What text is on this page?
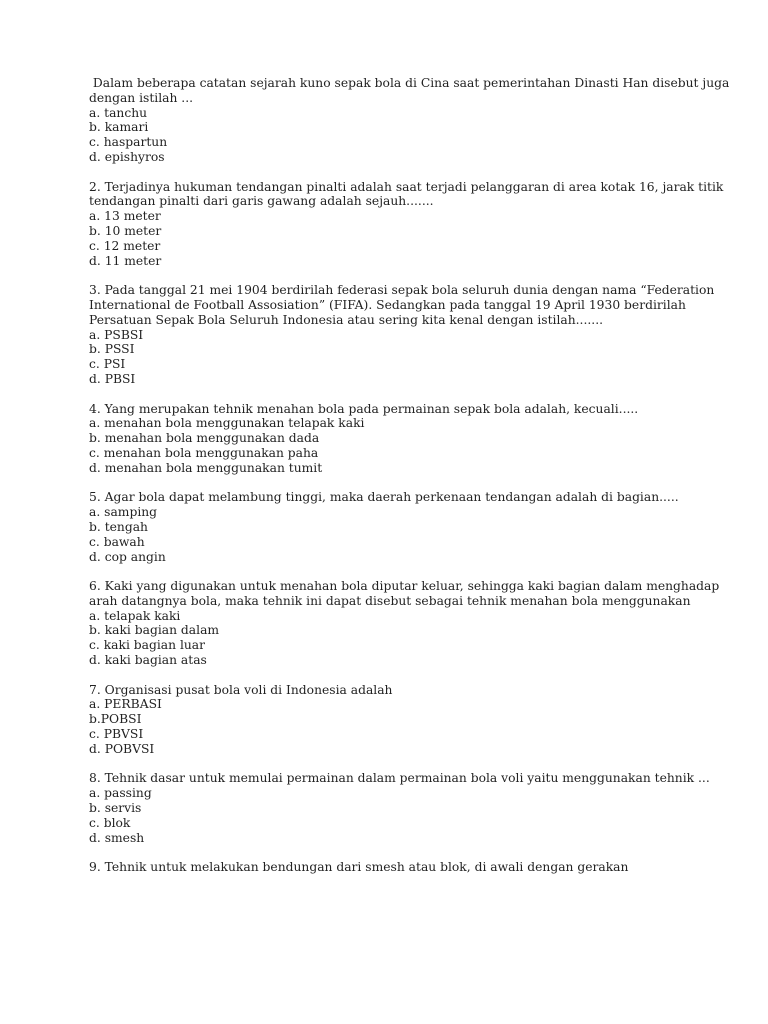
Dalam beberapa catatan sejarah kuno sepak bola di Cina saat pemerintahan Dinasti Han disebut juga dengan istilah ...
a. tanchu
b. kamari
c. haspartun
d. epishyros
2. Terjadinya hukuman tendangan pinalti adalah saat terjadi pelanggaran di area kotak 16, jarak titik tendangan pinalti dari garis gawang adalah sejauh.......
a. 13 meter
b. 10 meter
c. 12 meter
d. 11 meter
3. Pada tanggal 21 mei 1904 berdirilah federasi sepak bola seluruh dunia dengan nama “Federation International de Football Assosiation” (FIFA). Sedangkan pada tanggal 19 April 1930 berdirilah Persatuan Sepak Bola Seluruh Indonesia atau sering kita kenal dengan istilah.......
a. PSBSI
b. PSSI
c. PSI
d. PBSI
4. Yang merupakan tehnik menahan bola pada permainan sepak bola adalah, kecuali.....
a. menahan bola menggunakan telapak kaki
b. menahan bola menggunakan dada
c. menahan bola menggunakan paha
d. menahan bola menggunakan tumit
5. Agar bola dapat melambung tinggi, maka daerah perkenaan tendangan adalah di bagian.....
a. samping
b. tengah
c. bawah
d. cop angin
6. Kaki yang digunakan untuk menahan bola diputar keluar, sehingga kaki bagian dalam menghadap arah datangnya bola, maka tehnik ini dapat disebut sebagai tehnik menahan bola menggunakan
a. telapak kaki
b. kaki bagian dalam
c. kaki bagian luar
d. kaki bagian atas
7. Organisasi pusat bola voli di Indonesia adalah
a. PERBASI
b.POBSI
c. PBVSI
d. POBVSI
8. Tehnik dasar untuk memulai permainan dalam permainan bola voli yaitu menggunakan tehnik ...
a. passing
b. servis
c. blok
d. smesh
9. Tehnik untuk melakukan bendungan dari smesh atau blok, di awali dengan gerakan
